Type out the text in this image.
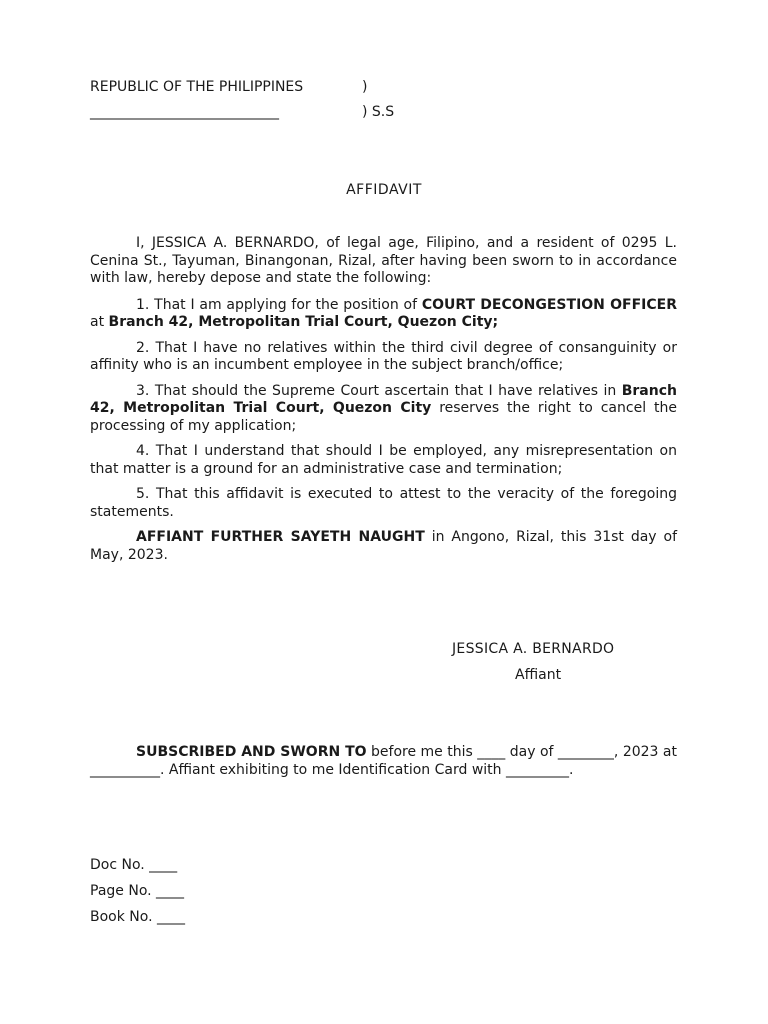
REPUBLIC OF THE PHILIPPINES	)
___________________________	) S.S
AFFIDAVIT

I, JESSICA A. BERNARDO, of legal age, Filipino, and a resident of 0295 L. Cenina St., Tayuman, Binangonan, Rizal, after having been sworn to in accordance with law, hereby depose and state the following:

1. That I am applying for the position of COURT DECONGESTION OFFICER at Branch 42, Metropolitan Trial Court, Quezon City;

2. That I have no relatives within the third civil degree of consanguinity or affinity who is an incumbent employee in the subject branch/office;

3. That should the Supreme Court ascertain that I have relatives in Branch 42, Metropolitan Trial Court, Quezon City reserves the right to cancel the processing of my application;

4. That I understand that should I be employed, any misrepresentation on that matter is a ground for an administrative case and termination;

5. That this affidavit is executed to attest to the veracity of the foregoing statements.

AFFIANT FURTHER SAYETH NAUGHT in Angono, Rizal, this 31st day of May, 2023.

JESSICA A. BERNARDO
Affiant

SUBSCRIBED AND SWORN TO before me this ____ day of ________, 2023 at __________. Affiant exhibiting to me Identification Card with _________.

Doc No. ____
Page No. ____
Book No. ____
